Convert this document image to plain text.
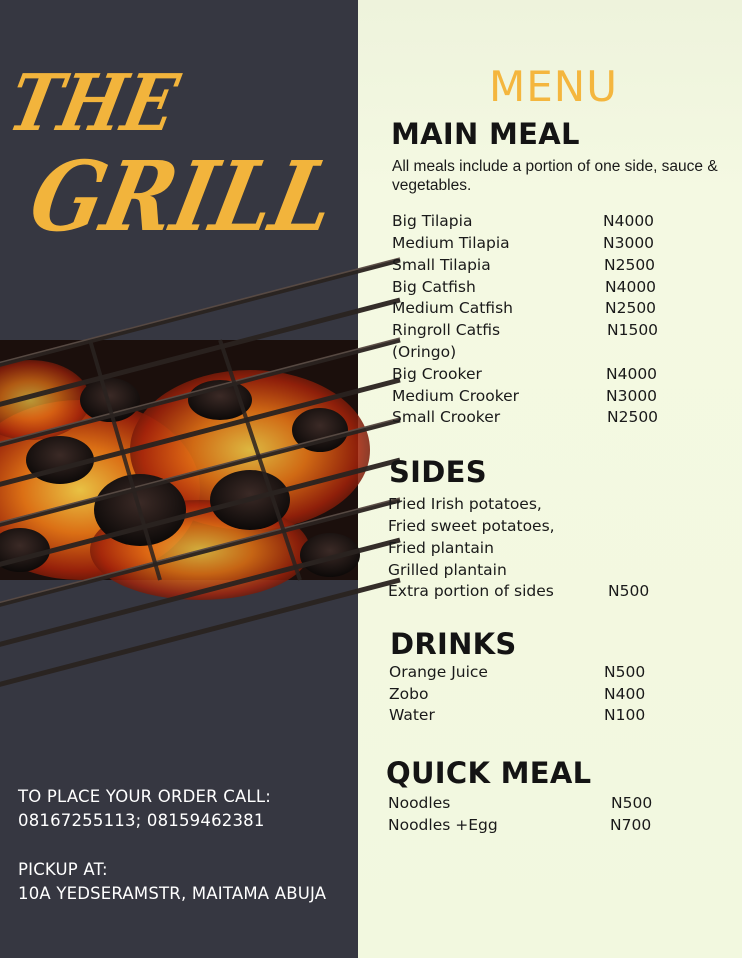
THE
GRILL
TO PLACE YOUR ORDER CALL:
08167255113; 08159462381
PICKUP AT:
10A YEDSERAMSTR, MAITAMA ABUJA
MENU
MAIN MEAL
All meals include a portion of one side, sauce & vegetables.
Big Tilapia	N4000
Medium Tilapia	N3000
Small Tilapia	N2500
Big Catfish	N4000
Medium Catfish	N2500
Ringroll Catfis	N1500
(Oringo)
Big Crooker	N4000
Medium Crooker	N3000
Small Crooker	N2500
SIDES
Fried Irish potatoes,
Fried sweet potatoes,
Fried plantain
Grilled plantain
Extra portion of sides	N500
DRINKS
Orange Juice	N500
Zobo	N400
Water	N100
QUICK MEAL
Noodles	N500
Noodles +Egg	N700
